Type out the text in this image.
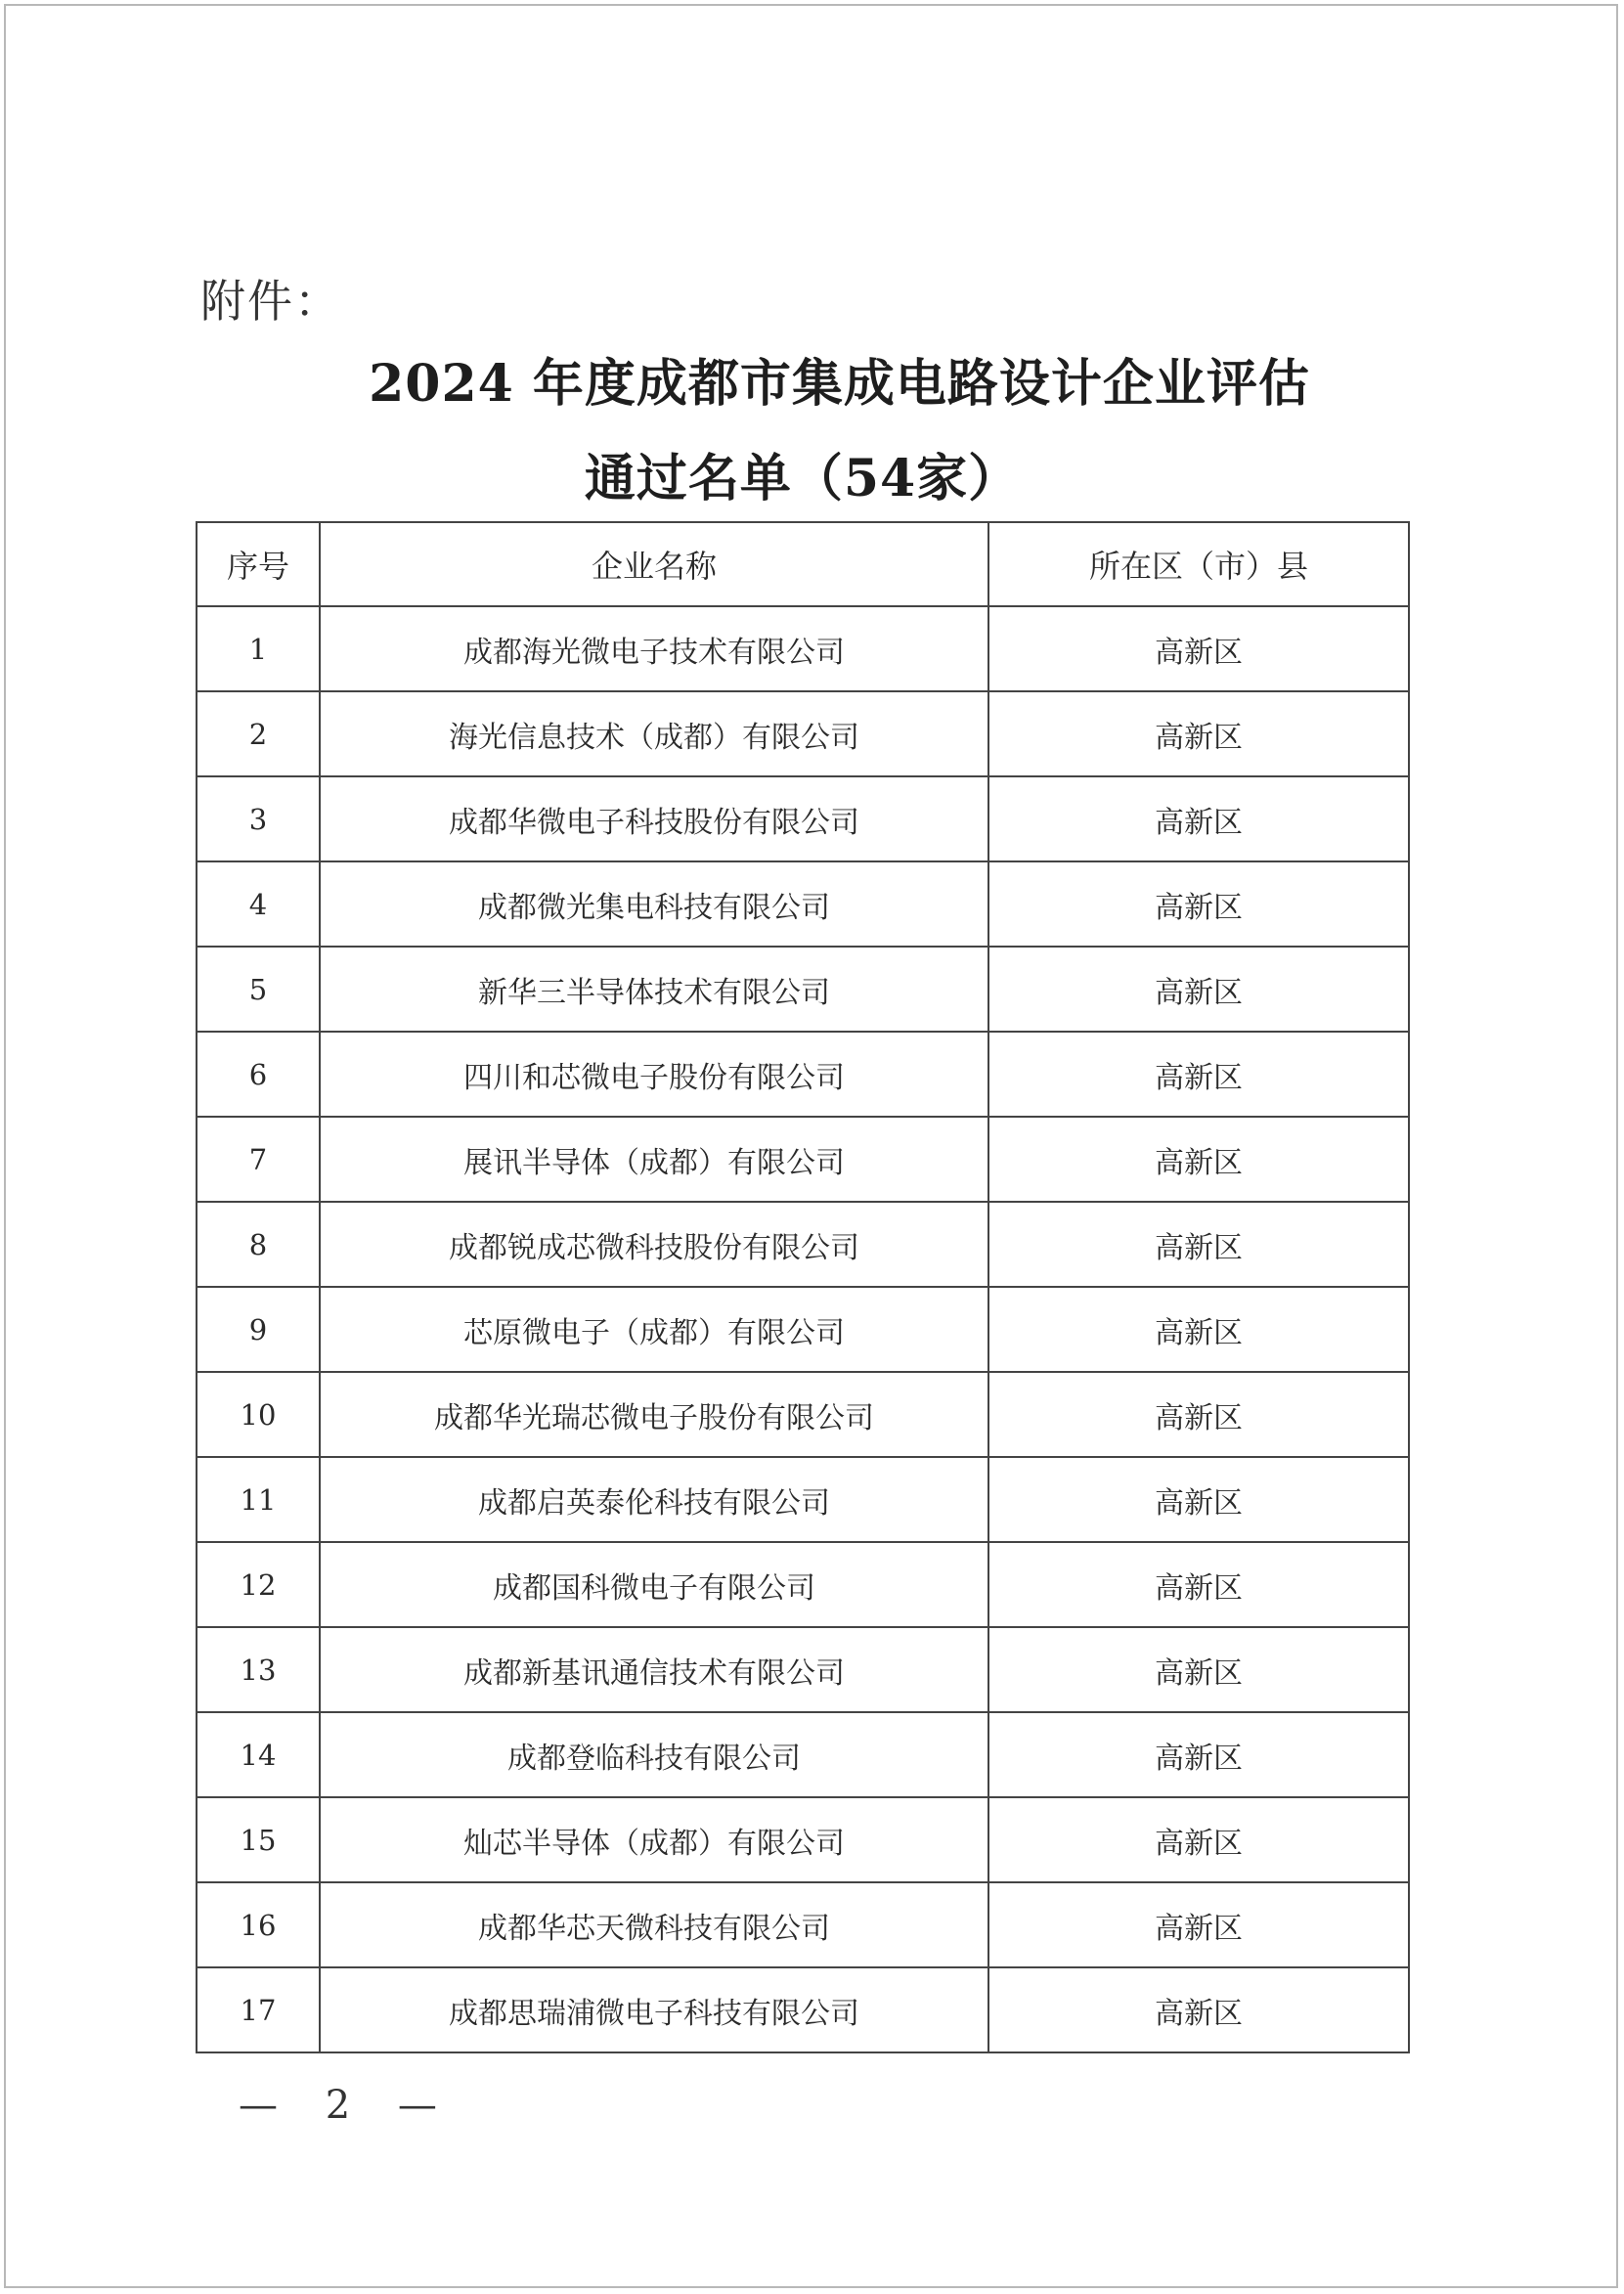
附件：
2024 年度成都市集成电路设计企业评估
通过名单（54家）
序号	企业名称	所在区（市）县
1	成都海光微电子技术有限公司	高新区
2	海光信息技术（成都）有限公司	高新区
3	成都华微电子科技股份有限公司	高新区
4	成都微光集电科技有限公司	高新区
5	新华三半导体技术有限公司	高新区
6	四川和芯微电子股份有限公司	高新区
7	展讯半导体（成都）有限公司	高新区
8	成都锐成芯微科技股份有限公司	高新区
9	芯原微电子（成都）有限公司	高新区
10	成都华光瑞芯微电子股份有限公司	高新区
11	成都启英泰伦科技有限公司	高新区
12	成都国科微电子有限公司	高新区
13	成都新基讯通信技术有限公司	高新区
14	成都登临科技有限公司	高新区
15	灿芯半导体（成都）有限公司	高新区
16	成都华芯天微科技有限公司	高新区
17	成都思瑞浦微电子科技有限公司	高新区
— 2 —
